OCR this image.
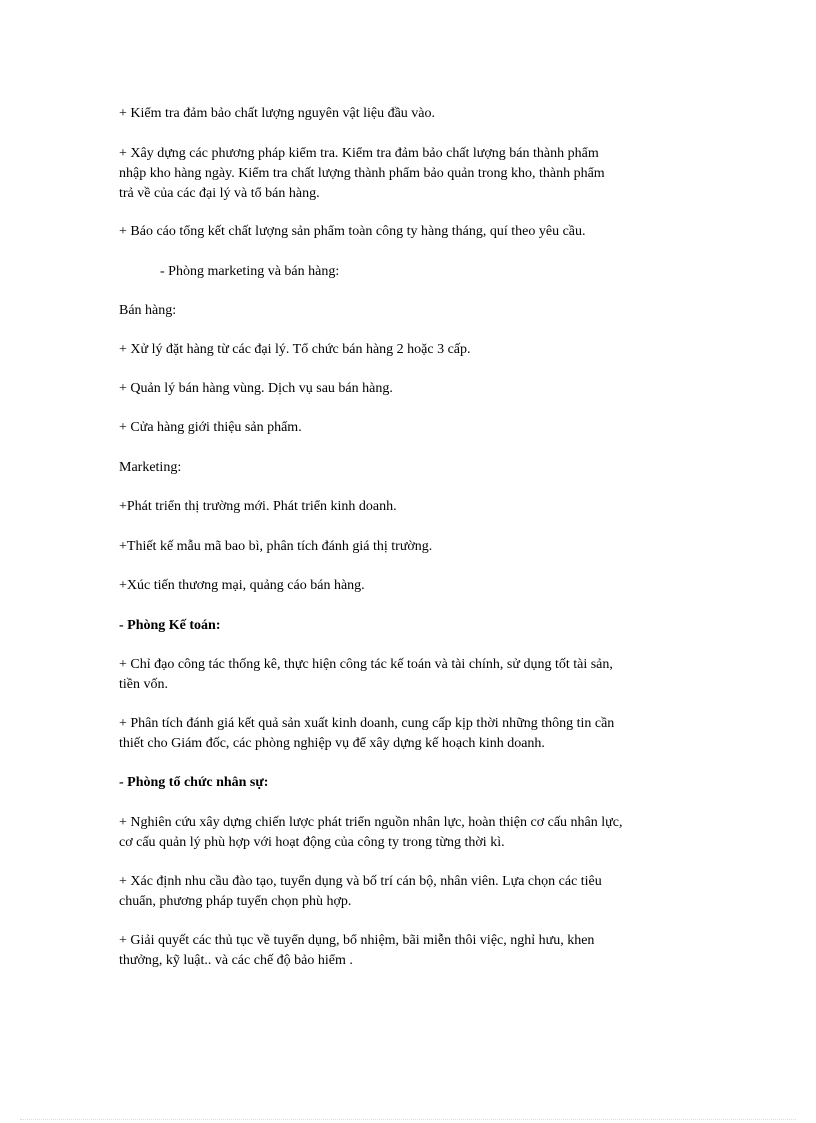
+ Kiểm tra đảm bảo chất lượng nguyên vật liệu đầu vào.

+ Xây dựng các phương pháp kiểm tra. Kiểm tra đảm bảo chất lượng bán thành phẩm
nhập kho hàng ngày. Kiểm tra chất lượng thành phẩm bảo quản trong kho, thành phẩm
trả về của các đại lý và tổ bán hàng.

+ Báo cáo tổng kết chất lượng sản phẩm toàn công ty hàng tháng, quí theo yêu cầu.

- Phòng marketing và bán hàng:

Bán hàng:

+ Xử lý đặt hàng từ các đại lý. Tổ chức bán hàng 2 hoặc 3 cấp.

+ Quản lý bán hàng vùng. Dịch vụ sau bán hàng.

+ Cửa hàng giới thiệu sản phẩm.

Marketing:

+Phát triển thị trường mới. Phát triển kinh doanh.

+Thiết kế mẫu mã bao bì, phân tích đánh giá thị trường.

+Xúc tiến thương mại, quảng cáo bán hàng.

- Phòng Kế toán:

+ Chỉ đạo công tác thống kê, thực hiện công tác kế toán và tài chính, sử dụng tốt tài sản,
tiền vốn.

+ Phân tích đánh giá kết quả sản xuất kinh doanh, cung cấp kịp thời những thông tin cần
thiết cho Giám đốc, các phòng nghiệp vụ để xây dựng kế hoạch kinh doanh.

- Phòng tổ chức nhân sự:

+ Nghiên cứu xây dựng chiến lược phát triển nguồn nhân lực, hoàn thiện cơ cấu nhân lực,
cơ cấu quản lý phù hợp với hoạt động của công ty trong từng thời kì.

+ Xác định nhu cầu đào tạo, tuyển dụng và bố trí cán bộ, nhân viên. Lựa chọn các tiêu
chuẩn, phương pháp tuyển chọn phù hợp.

+ Giải quyết các thủ tục về tuyển dụng, bổ nhiệm, bãi miễn thôi việc, nghỉ hưu, khen
thưởng, kỹ luật.. và các chế độ bảo hiểm .
